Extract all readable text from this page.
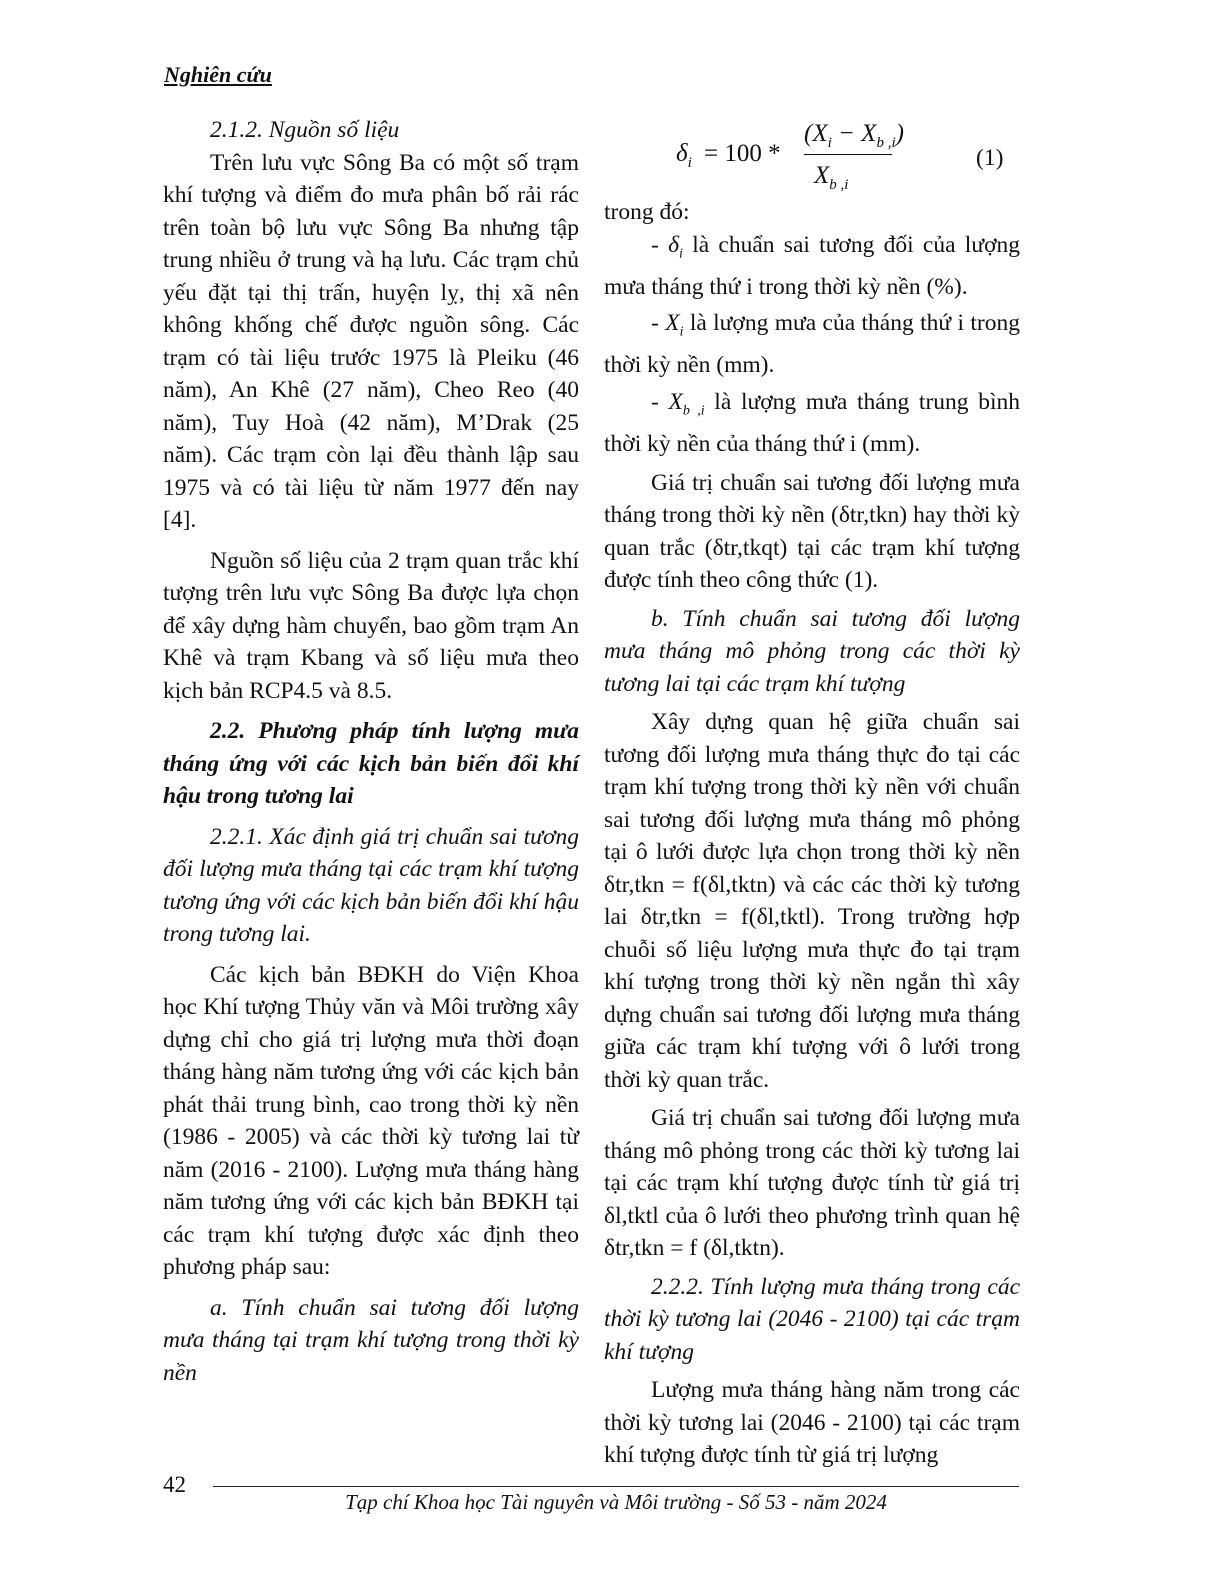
Nghiên cứu

2.1.2. Nguồn số liệu

Trên lưu vực Sông Ba có một số trạm khí tượng và điểm đo mưa phân bố rải rác trên toàn bộ lưu vực Sông Ba nhưng tập trung nhiều ở trung và hạ lưu. Các trạm chủ yếu đặt tại thị trấn, huyện lỵ, thị xã nên không khống chế được nguồn sông. Các trạm có tài liệu trước 1975 là Pleiku (46 năm), An Khê (27 năm), Cheo Reo (40 năm), Tuy Hoà (42 năm), M’Drak (25 năm). Các trạm còn lại đều thành lập sau 1975 và có tài liệu từ năm 1977 đến nay [4].

Nguồn số liệu của 2 trạm quan trắc khí tượng trên lưu vực Sông Ba được lựa chọn để xây dựng hàm chuyển, bao gồm trạm An Khê và trạm Kbang và số liệu mưa theo kịch bản RCP4.5 và 8.5.

2.2. Phương pháp tính lượng mưa tháng ứng với các kịch bản biến đổi khí hậu trong tương lai

2.2.1. Xác định giá trị chuẩn sai tương đối lượng mưa tháng tại các trạm khí tượng tương ứng với các kịch bản biến đổi khí hậu trong tương lai.

Các kịch bản BĐKH do Viện Khoa học Khí tượng Thủy văn và Môi trường xây dựng chỉ cho giá trị lượng mưa thời đoạn tháng hàng năm tương ứng với các kịch bản phát thải trung bình, cao trong thời kỳ nền (1986 - 2005) và các thời kỳ tương lai từ năm (2016 - 2100). Lượng mưa tháng hàng năm tương ứng với các kịch bản BĐKH tại các trạm khí tượng được xác định theo phương pháp sau:

a. Tính chuẩn sai tương đối lượng mưa tháng tại trạm khí tượng trong thời kỳ nền

$\delta_i = 100$ *
$(X_i - X_{b ,i})$
$X_{b ,i}$
(1)

trong đó:

- $\delta_i$ là chuẩn sai tương đối của lượng mưa tháng thứ i trong thời kỳ nền (%).

- $X_i$ là lượng mưa của tháng thứ i trong thời kỳ nền (mm).

- $X_{b ,i}$ là lượng mưa tháng trung bình thời kỳ nền của tháng thứ i (mm).

Giá trị chuẩn sai tương đối lượng mưa tháng trong thời kỳ nền (δtr,tkn) hay thời kỳ quan trắc (δtr,tkqt) tại các trạm khí tượng được tính theo công thức (1).

b. Tính chuẩn sai tương đối lượng mưa tháng mô phỏng trong các thời kỳ tương lai tại các trạm khí tượng

Xây dựng quan hệ giữa chuẩn sai tương đối lượng mưa tháng thực đo tại các trạm khí tượng trong thời kỳ nền với chuẩn sai tương đối lượng mưa tháng mô phỏng tại ô lưới được lựa chọn trong thời kỳ nền δtr,tkn = f(δl,tktn) và các các thời kỳ tương lai δtr,tkn = f(δl,tktl). Trong trường hợp chuỗi số liệu lượng mưa thực đo tại trạm khí tượng trong thời kỳ nền ngắn thì xây dựng chuẩn sai tương đối lượng mưa tháng giữa các trạm khí tượng với ô lưới trong thời kỳ quan trắc.

Giá trị chuẩn sai tương đối lượng mưa tháng mô phỏng trong các thời kỳ tương lai tại các trạm khí tượng được tính từ giá trị δl,tktl của ô lưới theo phương trình quan hệ δtr,tkn = f (δl,tktn).

2.2.2. Tính lượng mưa tháng trong các thời kỳ tương lai (2046 - 2100) tại các trạm khí tượng

Lượng mưa tháng hàng năm trong các thời kỳ tương lai (2046 - 2100) tại các trạm khí tượng được tính từ giá trị lượng

42
Tạp chí Khoa học Tài nguyên và Môi trường - Số 53 - năm 2024
